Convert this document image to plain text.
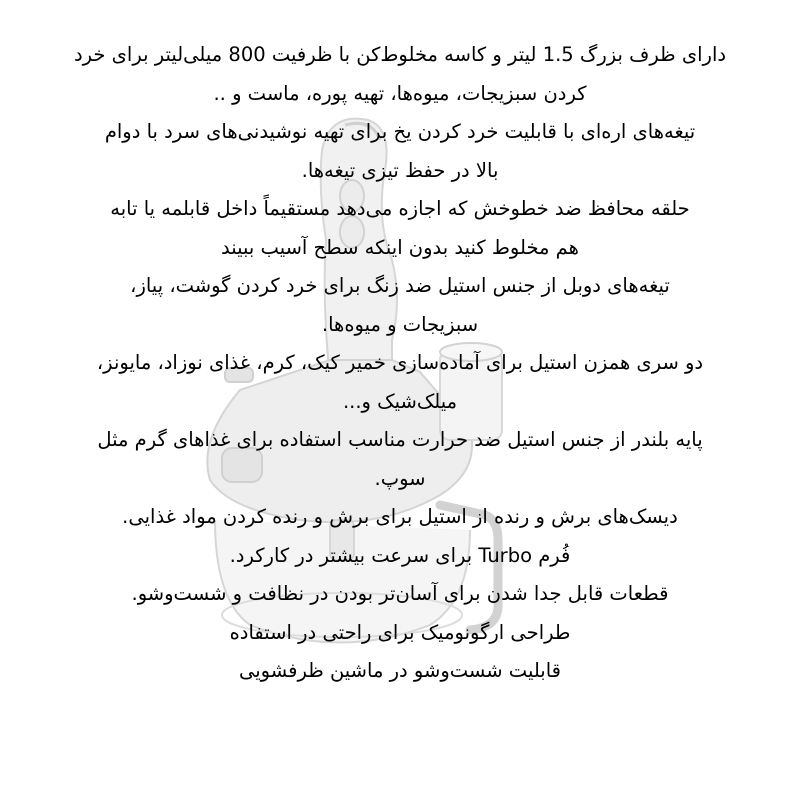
دارای ظرف بزرگ 1.5 لیتر و کاسه مخلوط‌کن با ظرفیت 800 میلی‌لیتر برای خرد

کردن سبزیجات، میوه‌ها، تهیه پوره، ماست و ..

تیغه‌های اره‌ای با قابلیت خرد کردن یخ برای تهیه نوشیدنی‌های سرد با دوام

بالا در حفظ تیزی تیغه‌ها.

حلقه محافظ ضد خطوخش که اجازه می‌دهد مستقیماً داخل قابلمه یا تابه

هم مخلوط کنید بدون اینکه سطح آسیب ببیند

تیغه‌های دوبل از جنس استیل ضد زنگ برای خرد کردن گوشت، پیاز،

سبزیجات و میوه‌ها.

دو سری همزن استیل برای آماده‌سازی خمیر کیک، کرم، غذای نوزاد، مایونز،

میلک‌شیک و...

پایه بلندر از جنس استیل ضد حرارت مناسب استفاده برای غذاهای گرم مثل

سوپ.

دیسک‌های برش و رنده از استیل برای برش و رنده کردن مواد غذایی.

فُرم Turbo برای سرعت بیشتر در کارکرد.

قطعات قابل جدا شدن برای آسان‌تر بودن در نظافت و شست‌وشو.

طراحی ارگونومیک برای راحتی در استفاده

قابلیت شست‌وشو در ماشین ظرفشویی
